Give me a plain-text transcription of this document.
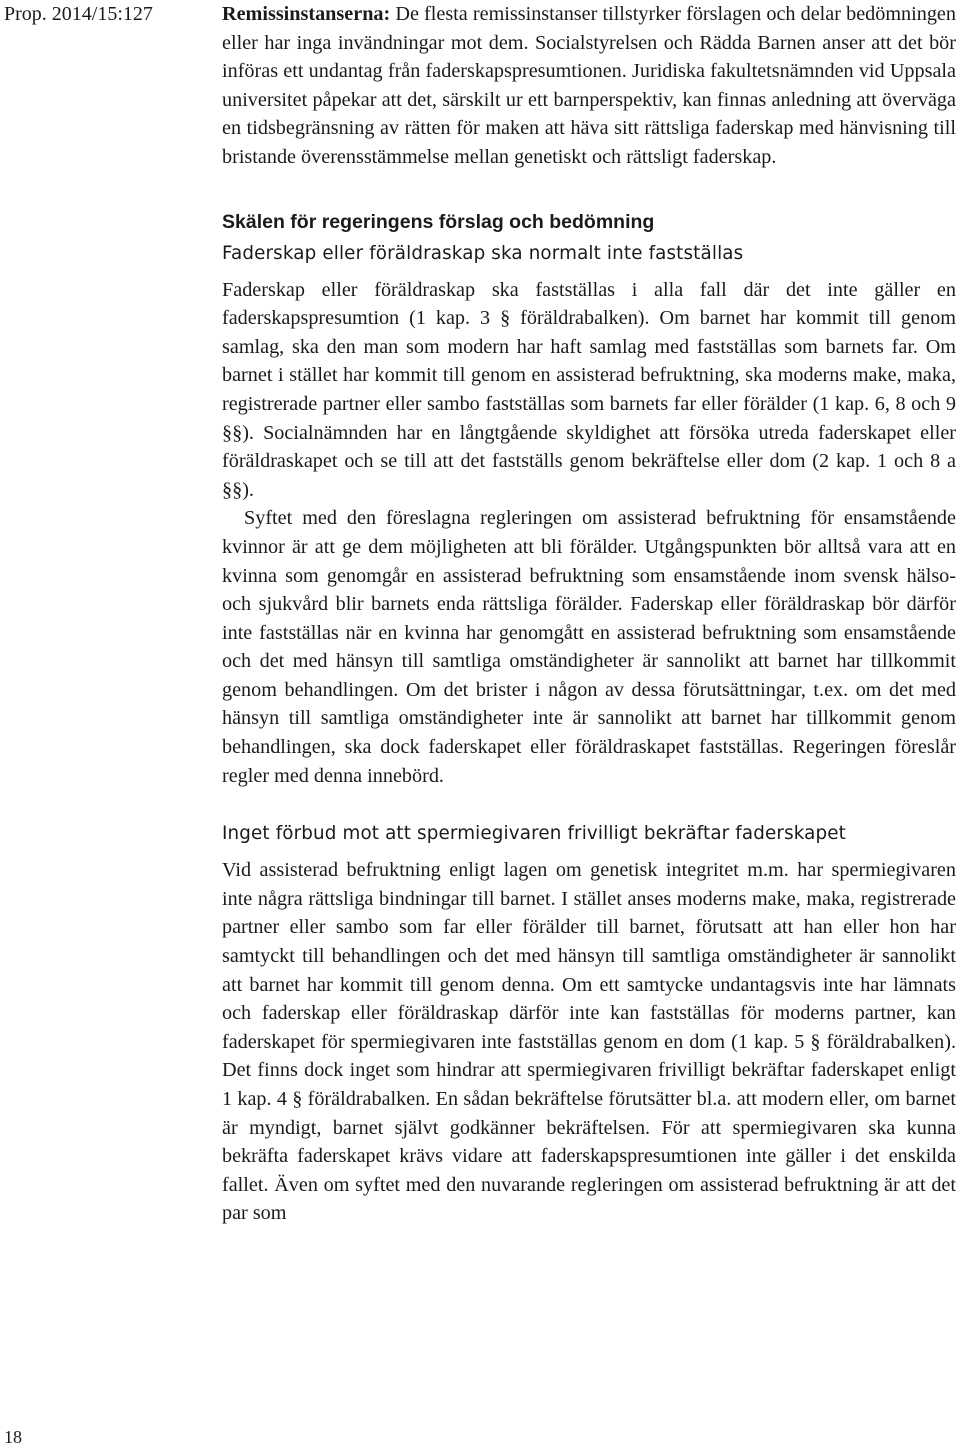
Prop. 2014/15:127
18

Remissinstanserna: De flesta remissinstanser tillstyrker förslagen och delar bedömningen eller har inga invändningar mot dem. Socialstyrelsen och Rädda Barnen anser att det bör införas ett undantag från faderskapspresumtionen. Juridiska fakultetsnämnden vid Uppsala universitet påpekar att det, särskilt ur ett barnperspektiv, kan finnas anledning att överväga en tidsbegränsning av rätten för maken att häva sitt rättsliga faderskap med hänvisning till bristande överensstämmelse mellan genetiskt och rättsligt faderskap.

Skälen för regeringens förslag och bedömning
Faderskap eller föräldraskap ska normalt inte fastställas

Faderskap eller föräldraskap ska fastställas i alla fall där det inte gäller en faderskapspresumtion (1 kap. 3 § föräldrabalken). Om barnet har kommit till genom samlag, ska den man som modern har haft samlag med fastställas som barnets far. Om barnet i stället har kommit till genom en assisterad befruktning, ska moderns make, maka, registrerade partner eller sambo fastställas som barnets far eller förälder (1 kap. 6, 8 och 9 §§). Socialnämnden har en långtgående skyldighet att försöka utreda faderskapet eller föräldraskapet och se till att det fastställs genom bekräftelse eller dom (2 kap. 1 och 8 a §§).

Syftet med den föreslagna regleringen om assisterad befruktning för ensamstående kvinnor är att ge dem möjligheten att bli förälder. Utgångspunkten bör alltså vara att en kvinna som genomgår en assisterad befruktning som ensamstående inom svensk hälso- och sjukvård blir barnets enda rättsliga förälder. Faderskap eller föräldraskap bör därför inte fastställas när en kvinna har genomgått en assisterad befruktning som ensamstående och det med hänsyn till samtliga omständigheter är sannolikt att barnet har tillkommit genom behandlingen. Om det brister i någon av dessa förutsättningar, t.ex. om det med hänsyn till samtliga omständigheter inte är sannolikt att barnet har tillkommit genom behandlingen, ska dock faderskapet eller föräldraskapet fastställas. Regeringen föreslår regler med denna innebörd.

Inget förbud mot att spermiegivaren frivilligt bekräftar faderskapet

Vid assisterad befruktning enligt lagen om genetisk integritet m.m. har spermiegivaren inte några rättsliga bindningar till barnet. I stället anses moderns make, maka, registrerade partner eller sambo som far eller förälder till barnet, förutsatt att han eller hon har samtyckt till behandlingen och det med hänsyn till samtliga omständigheter är sannolikt att barnet har kommit till genom denna. Om ett samtycke undantagsvis inte har lämnats och faderskap eller föräldraskap därför inte kan fastställas för moderns partner, kan faderskapet för spermiegivaren inte fastställas genom en dom (1 kap. 5 § föräldrabalken). Det finns dock inget som hindrar att spermiegivaren frivilligt bekräftar faderskapet enligt 1 kap. 4 § föräldrabalken. En sådan bekräftelse förutsätter bl.a. att modern eller, om barnet är myndigt, barnet självt godkänner bekräftelsen. För att spermiegivaren ska kunna bekräfta faderskapet krävs vidare att faderskapspresumtionen inte gäller i det enskilda fallet. Även om syftet med den nuvarande regleringen om assisterad befruktning är att det par som
